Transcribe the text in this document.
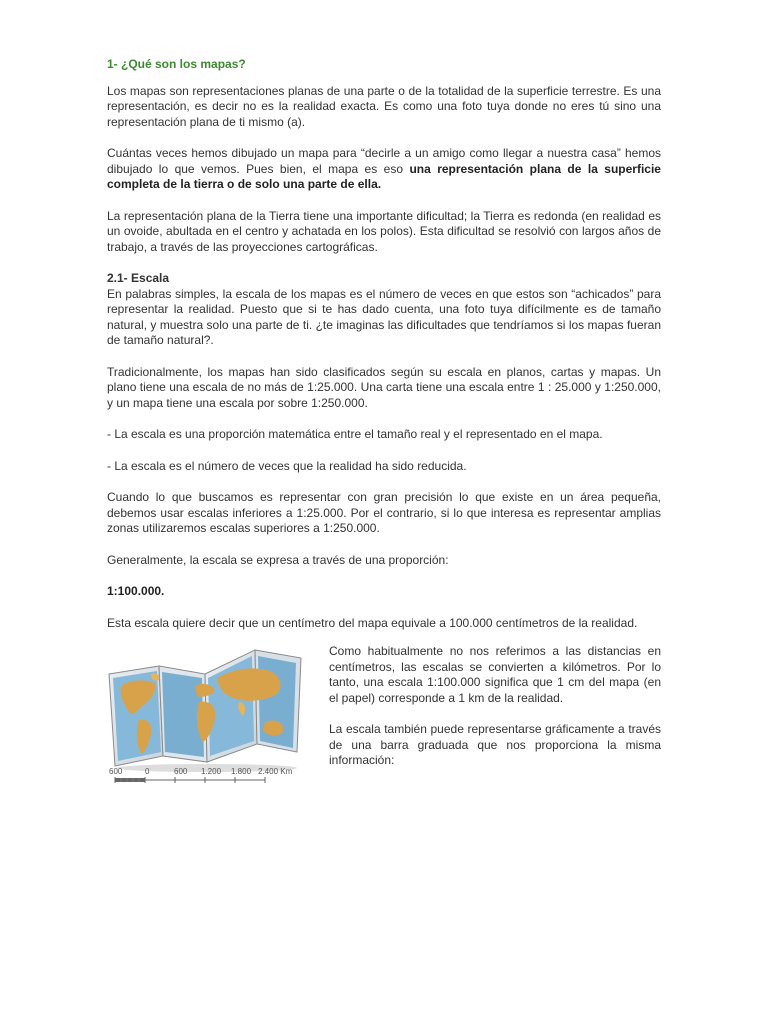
1- ¿Qué son los mapas?

Los mapas son representaciones planas de una parte o de la totalidad de la superficie terrestre. Es una representación, es decir no es la realidad exacta. Es como una foto tuya donde no eres tú sino una representación plana de ti mismo (a).

Cuántas veces hemos dibujado un mapa para “decirle a un amigo como llegar a nuestra casa” hemos dibujado lo que vemos. Pues bien, el mapa es eso una representación plana de la superficie completa de la tierra o de solo una parte de ella.

La representación plana de la Tierra tiene una importante dificultad; la Tierra es redonda (en realidad es un ovoide, abultada en el centro y achatada en los polos). Esta dificultad se resolvió con largos años de trabajo, a través de las proyecciones cartográficas.

2.1- Escala

En palabras simples, la escala de los mapas es el número de veces en que estos son “achicados” para representar la realidad. Puesto que si te has dado cuenta, una foto tuya difícilmente es de tamaño natural, y muestra solo una parte de ti. ¿te imaginas las dificultades que tendríamos si los mapas fueran de tamaño natural?.

Tradicionalmente, los mapas han sido clasificados según su escala en planos, cartas y mapas. Un plano tiene una escala de no más de 1:25.000. Una carta tiene una escala entre 1 : 25.000 y 1:250.000, y un mapa tiene una escala por sobre 1:250.000.

- La escala es una proporción matemática entre el tamaño real y el representado en el mapa.

- La escala es el número de veces que la realidad ha sido reducida.

Cuando lo que buscamos es representar con gran precisión lo que existe en un área pequeña, debemos usar escalas inferiores a 1:25.000. Por el contrario, si lo que interesa es representar amplias zonas utilizaremos escalas superiores a 1:250.000.

Generalmente, la escala se expresa a través de una proporción:

1:100.000.

Esta escala quiere decir que un centímetro del mapa equivale a 100.000 centímetros de la realidad.

600	0	600 1.200 1.800 2.400 Km

Como habitualmente no nos referimos a las distancias en centímetros, las escalas se convierten a kilómetros. Por lo tanto, una escala 1:100.000 significa que 1 cm del mapa (en el papel) corresponde a 1 km de la realidad.

La escala también puede representarse gráficamente a través de una barra graduada que nos proporciona la misma información:
